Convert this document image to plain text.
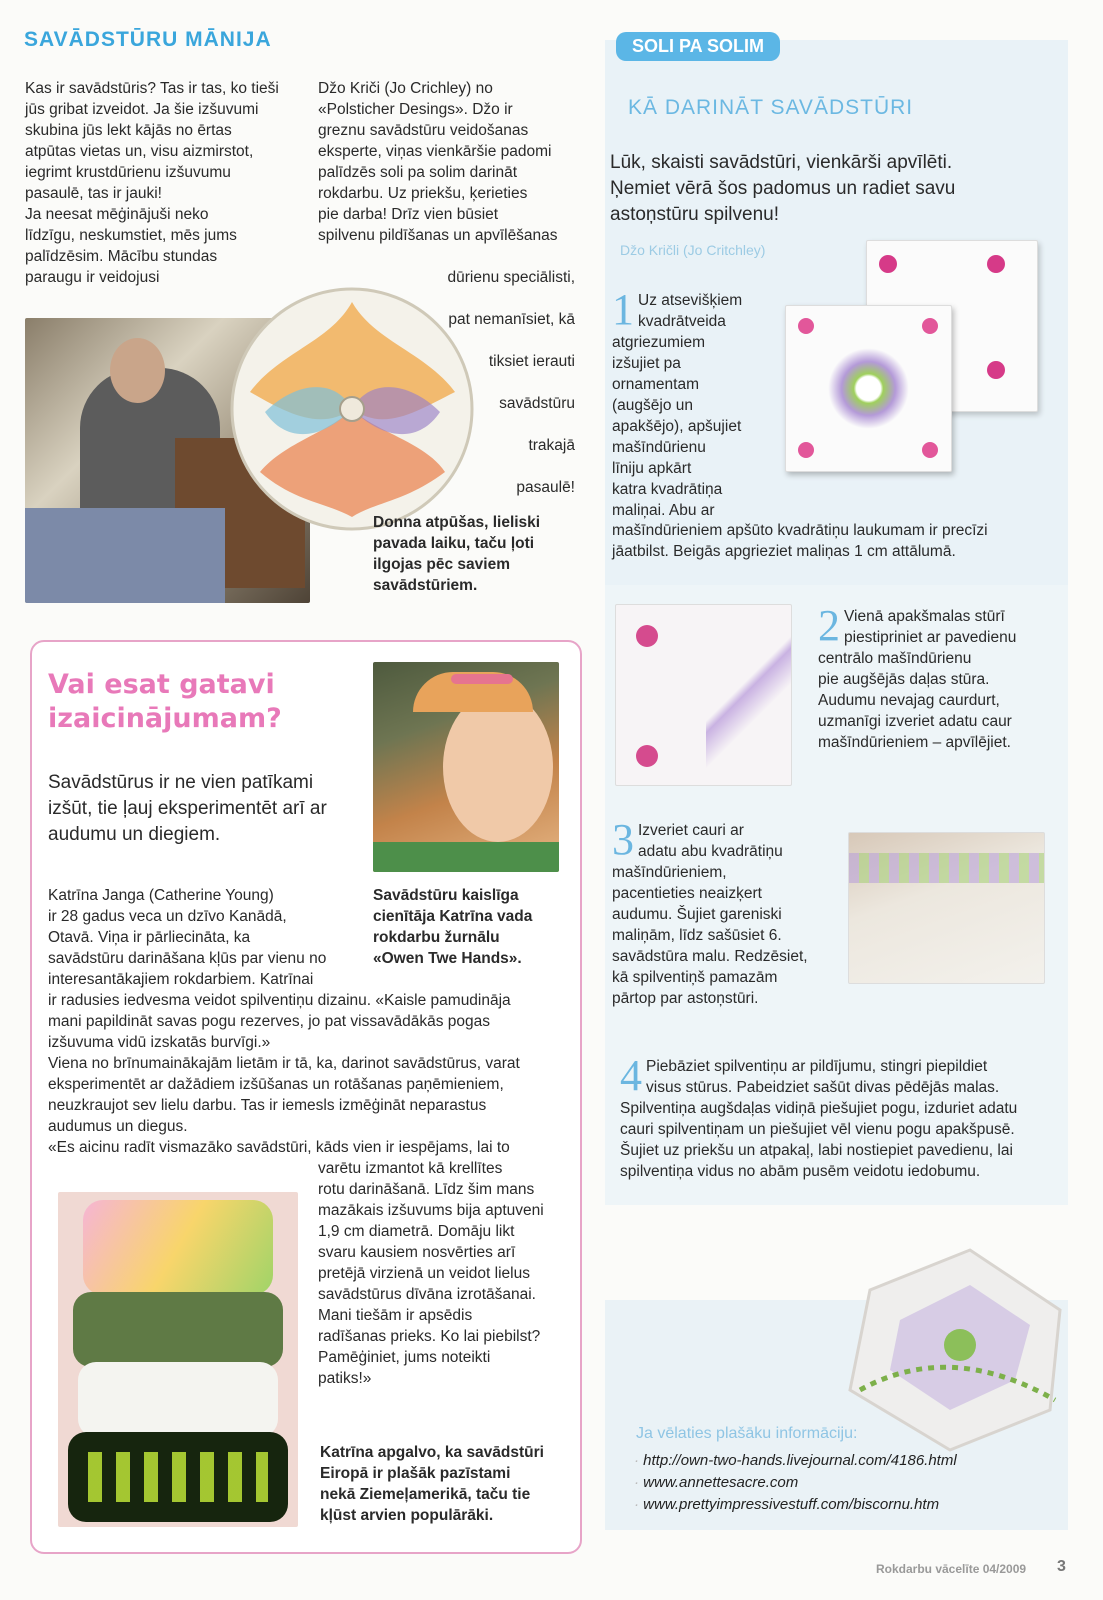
SAVĀDSTŪRU MĀNIJA
Kas ir savādstūris? Tas ir tas, ko tieši
jūs gribat izveidot. Ja šie izšuvumi
skubina jūs lekt kājās no ērtas
atpūtas vietas un, visu aizmirstot,
iegrimt krustdūrienu izšuvumu
pasaulē, tas ir jauki!
Ja neesat mēģinājuši neko
līdzīgu, neskumstiet, mēs jums
palīdzēsim. Mācību stundas
paraugu ir veidojusi
Džo Kriči (Jo Crichley) no
«Polsticher Desings». Džo ir
greznu savādstūru veidošanas
eksperte, viņas vienkāršie padomi
palīdzēs soli pa solim darināt
rokdarbu. Uz priekšu, ķerieties
pie darba! Drīz vien būsiet
spilvenu pildīšanas un apvīlēšanas

dūrienu speciālisti,

pat nemanīsiet, kā

tiksiet ierauti

savādstūru

trakajā

pasaulē!

Donna atpūšas, lieliski
pavada laiku, taču ļoti
ilgojas pēc saviem
savādstūriem.
Vai esat gatavi
izaicinājumam?
Savādstūrus ir ne vien patīkami
izšūt, tie ļauj eksperimentēt arī ar
audumu un diegiem.
Savādstūru kaislīga
cienītāja Katrīna vada
rokdarbu žurnālu
«Owen Twe Hands».
Katrīna Janga (Catherine Young)
ir 28 gadus veca un dzīvo Kanādā,
Otavā. Viņa ir pārliecināta, ka
savādstūru darināšana kļūs par vienu no
interesantākajiem rokdarbiem. Katrīnai
ir radusies iedvesma veidot spilventiņu dizainu. «Kaisle pamudināja
mani papildināt savas pogu rezerves, jo pat vissavādākās pogas
izšuvuma vidū izskatās burvīgi.»
Viena no brīnumainākajām lietām ir tā, ka, darinot savādstūrus, varat
eksperimentēt ar dažādiem izšūšanas un rotāšanas paņēmieniem,
neuzkraujot sev lielu darbu. Tas ir iemesls izmēģināt neparastus
audumus un diegus.
«Es aicinu radīt vismazāko savādstūri, kāds vien ir iespējams, lai to
varētu izmantot kā krellītes
rotu darināšanā. Līdz šim mans
mazākais izšuvums bija aptuveni
1,9 cm diametrā. Domāju likt
svaru kausiem nosvērties arī
pretējā virzienā un veidot lielus
savādstūrus dīvāna izrotāšanai.
Mani tiešām ir apsēdis
radīšanas prieks. Ko lai piebilst?
Pamēģiniet, jums noteikti
patiks!»
Katrīna apgalvo, ka savādstūri
Eiropā ir plašāk pazīstami
nekā Ziemeļamerikā, taču tie
kļūst arvien populārāki.
SOLI PA SOLIM
KĀ DARINĀT SAVĀDSTŪRI
Lūk, skaisti savādstūri, vienkārši apvīlēti.
Ņemiet vērā šos padomus un radiet savu
astoņstūru spilvenu!
Džo Kričli (Jo Critchley)
1 Uz atsevišķiem
kvadrātveida
atgriezumiem
izšujiet pa
ornamentam
(augšējo un
apakšējo), apšujiet
mašīndūrienu
līniju apkārt
katra kvadrātiņa
maliņai. Abu ar
mašīndūrieniem apšūto kvadrātiņu laukumam ir precīzi
jāatbilst. Beigās apgrieziet maliņas 1 cm attālumā.
2 Vienā apakšmalas stūrī
piestipriniet ar pavedienu
centrālo mašīndūrienu
pie augšējās daļas stūra.
Audumu nevajag caurdurt,
uzmanīgi izveriet adatu caur
mašīndūrieniem – apvīlējiet.
3 Izveriet cauri ar
adatu abu kvadrātiņu
mašīndūrieniem,
pacentieties neaizķert
audumu. Šujiet gareniski
maliņām, līdz sašūsiet 6.
savādstūra malu. Redzēsiet,
kā spilventiņš pamazām
pārtop par astoņstūri.
4 Piebāziet spilventiņu ar pildījumu, stingri piepildiet
visus stūrus. Pabeidziet sašūt divas pēdējās malas.
Spilventiņa augšdaļas vidiņā piešujiet pogu, izduriet adatu
cauri spilventiņam un piešujiet vēl vienu pogu apakšpusē.
Šujiet uz priekšu un atpakaļ, labi nostiepiet pavedienu, lai
spilventiņa vidus no abām pusēm veidotu iedobumu.
Ja vēlaties plašāku informāciju:
· http://own-two-hands.livejournal.com/4186.html
· www.annettesacre.com
· www.prettyimpressivestuff.com/biscornu.htm
Rokdarbu vācelīte 04/2009 3
